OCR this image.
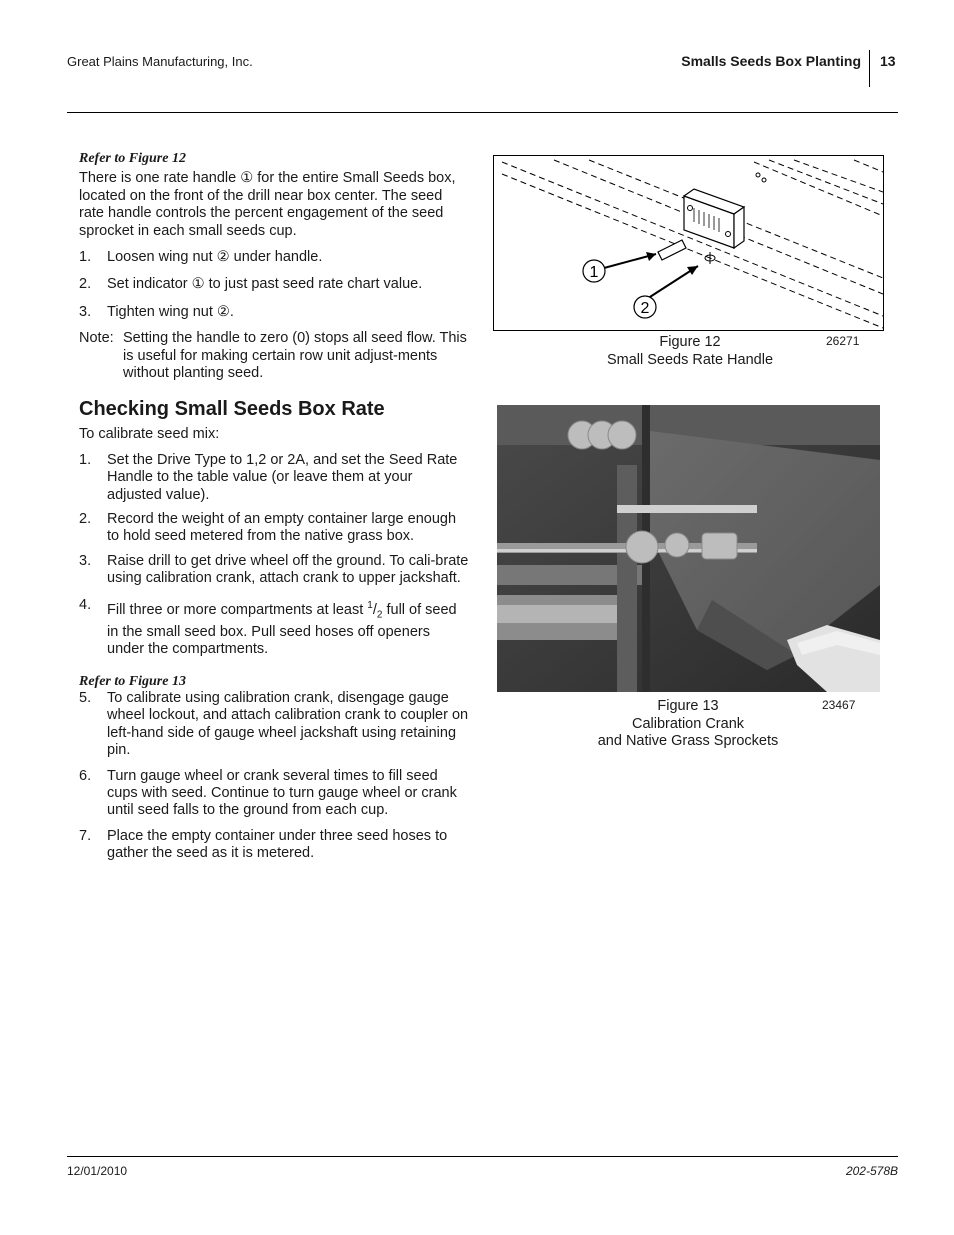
Great Plains Manufacturing, Inc.	Smalls Seeds Box Planting 13
Refer to Figure 12

There is one rate handle ① for the entire Small Seeds box, located on the front of the drill near box center. The seed rate handle controls the percent engagement of the seed sprocket in each small seeds cup.

1. Loosen wing nut ② under handle.
2. Set indicator ① to just past seed rate chart value.
3. Tighten wing nut ②.
Note: Setting the handle to zero (0) stops all seed flow. This is useful for making certain row unit adjust-ments without planting seed.
Checking Small Seeds Box Rate

To calibrate seed mix:

1. Set the Drive Type to 1,2 or 2A, and set the Seed Rate Handle to the table value (or leave them at your adjusted value).
2. Record the weight of an empty container large enough to hold seed metered from the native grass box.
3. Raise drill to get drive wheel off the ground. To cali-brate using calibration crank, attach crank to upper jackshaft.
4. Fill three or more compartments at least $^1/_2$ full of seed in the small seed box. Pull seed hoses off openers under the compartments.
Refer to Figure 13
5. To calibrate using calibration crank, disengage gauge wheel lockout, and attach calibration crank to coupler on left-hand side of gauge wheel jackshaft using retaining pin.
6. Turn gauge wheel or crank several times to fill seed cups with seed. Continue to turn gauge wheel or crank until seed falls to the ground from each cup.
7. Place the empty container under three seed hoses to gather the seed as it is metered.
1
2
Figure 12
Small Seeds Rate Handle
26271
Figure 13
Calibration Crank
and Native Grass Sprockets
23467
12/01/2010	202-578B
